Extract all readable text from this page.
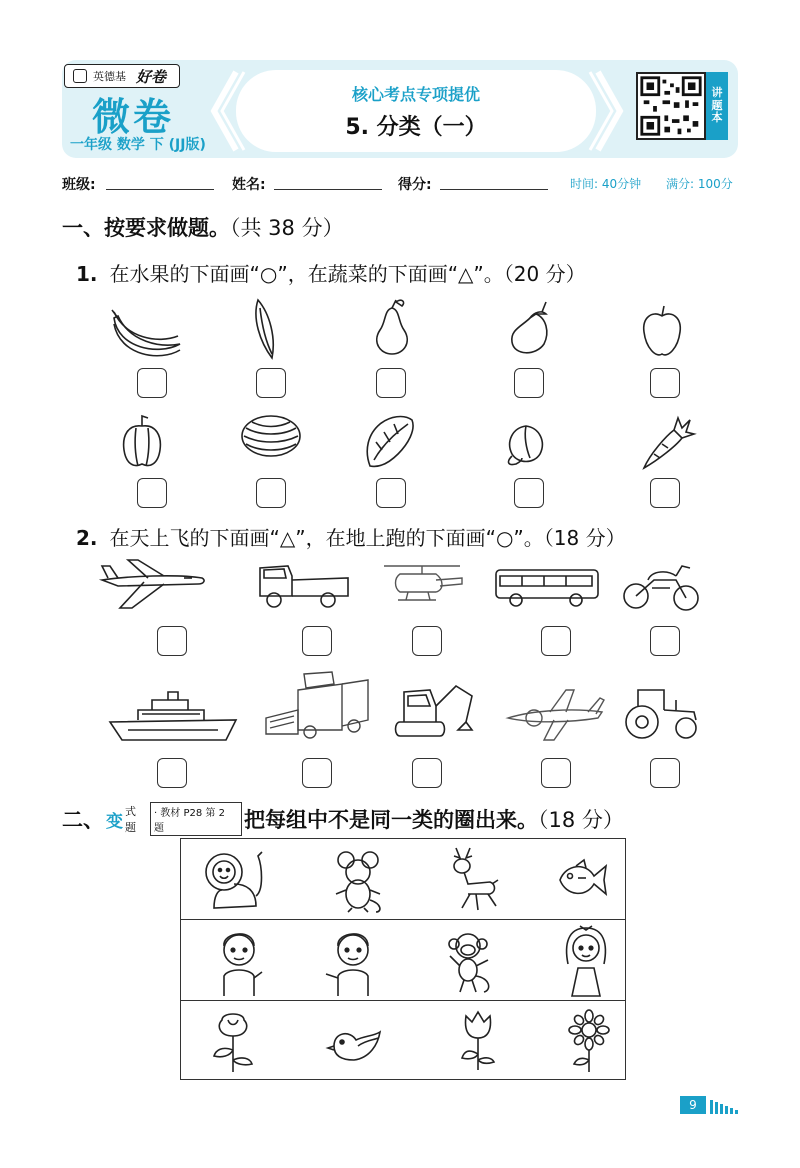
英德基 好卷
微卷
一年级 数学 下 (JJ版)
核心考点专项提优
5. 分类（一）
讲
题
本
班级:	姓名:	得分:	时间: 40分钟 满分: 100分
一、按要求做题。（共 38 分）
1. 在水果的下面画“○”，在蔬菜的下面画“△”。（20 分）
2. 在天上飞的下面画“△”，在地上跑的下面画“○”。（18 分）
二、 变 式题
· 教材 P28 第 2 题	把每组中不是同一类的圈出来。（18 分）
9
